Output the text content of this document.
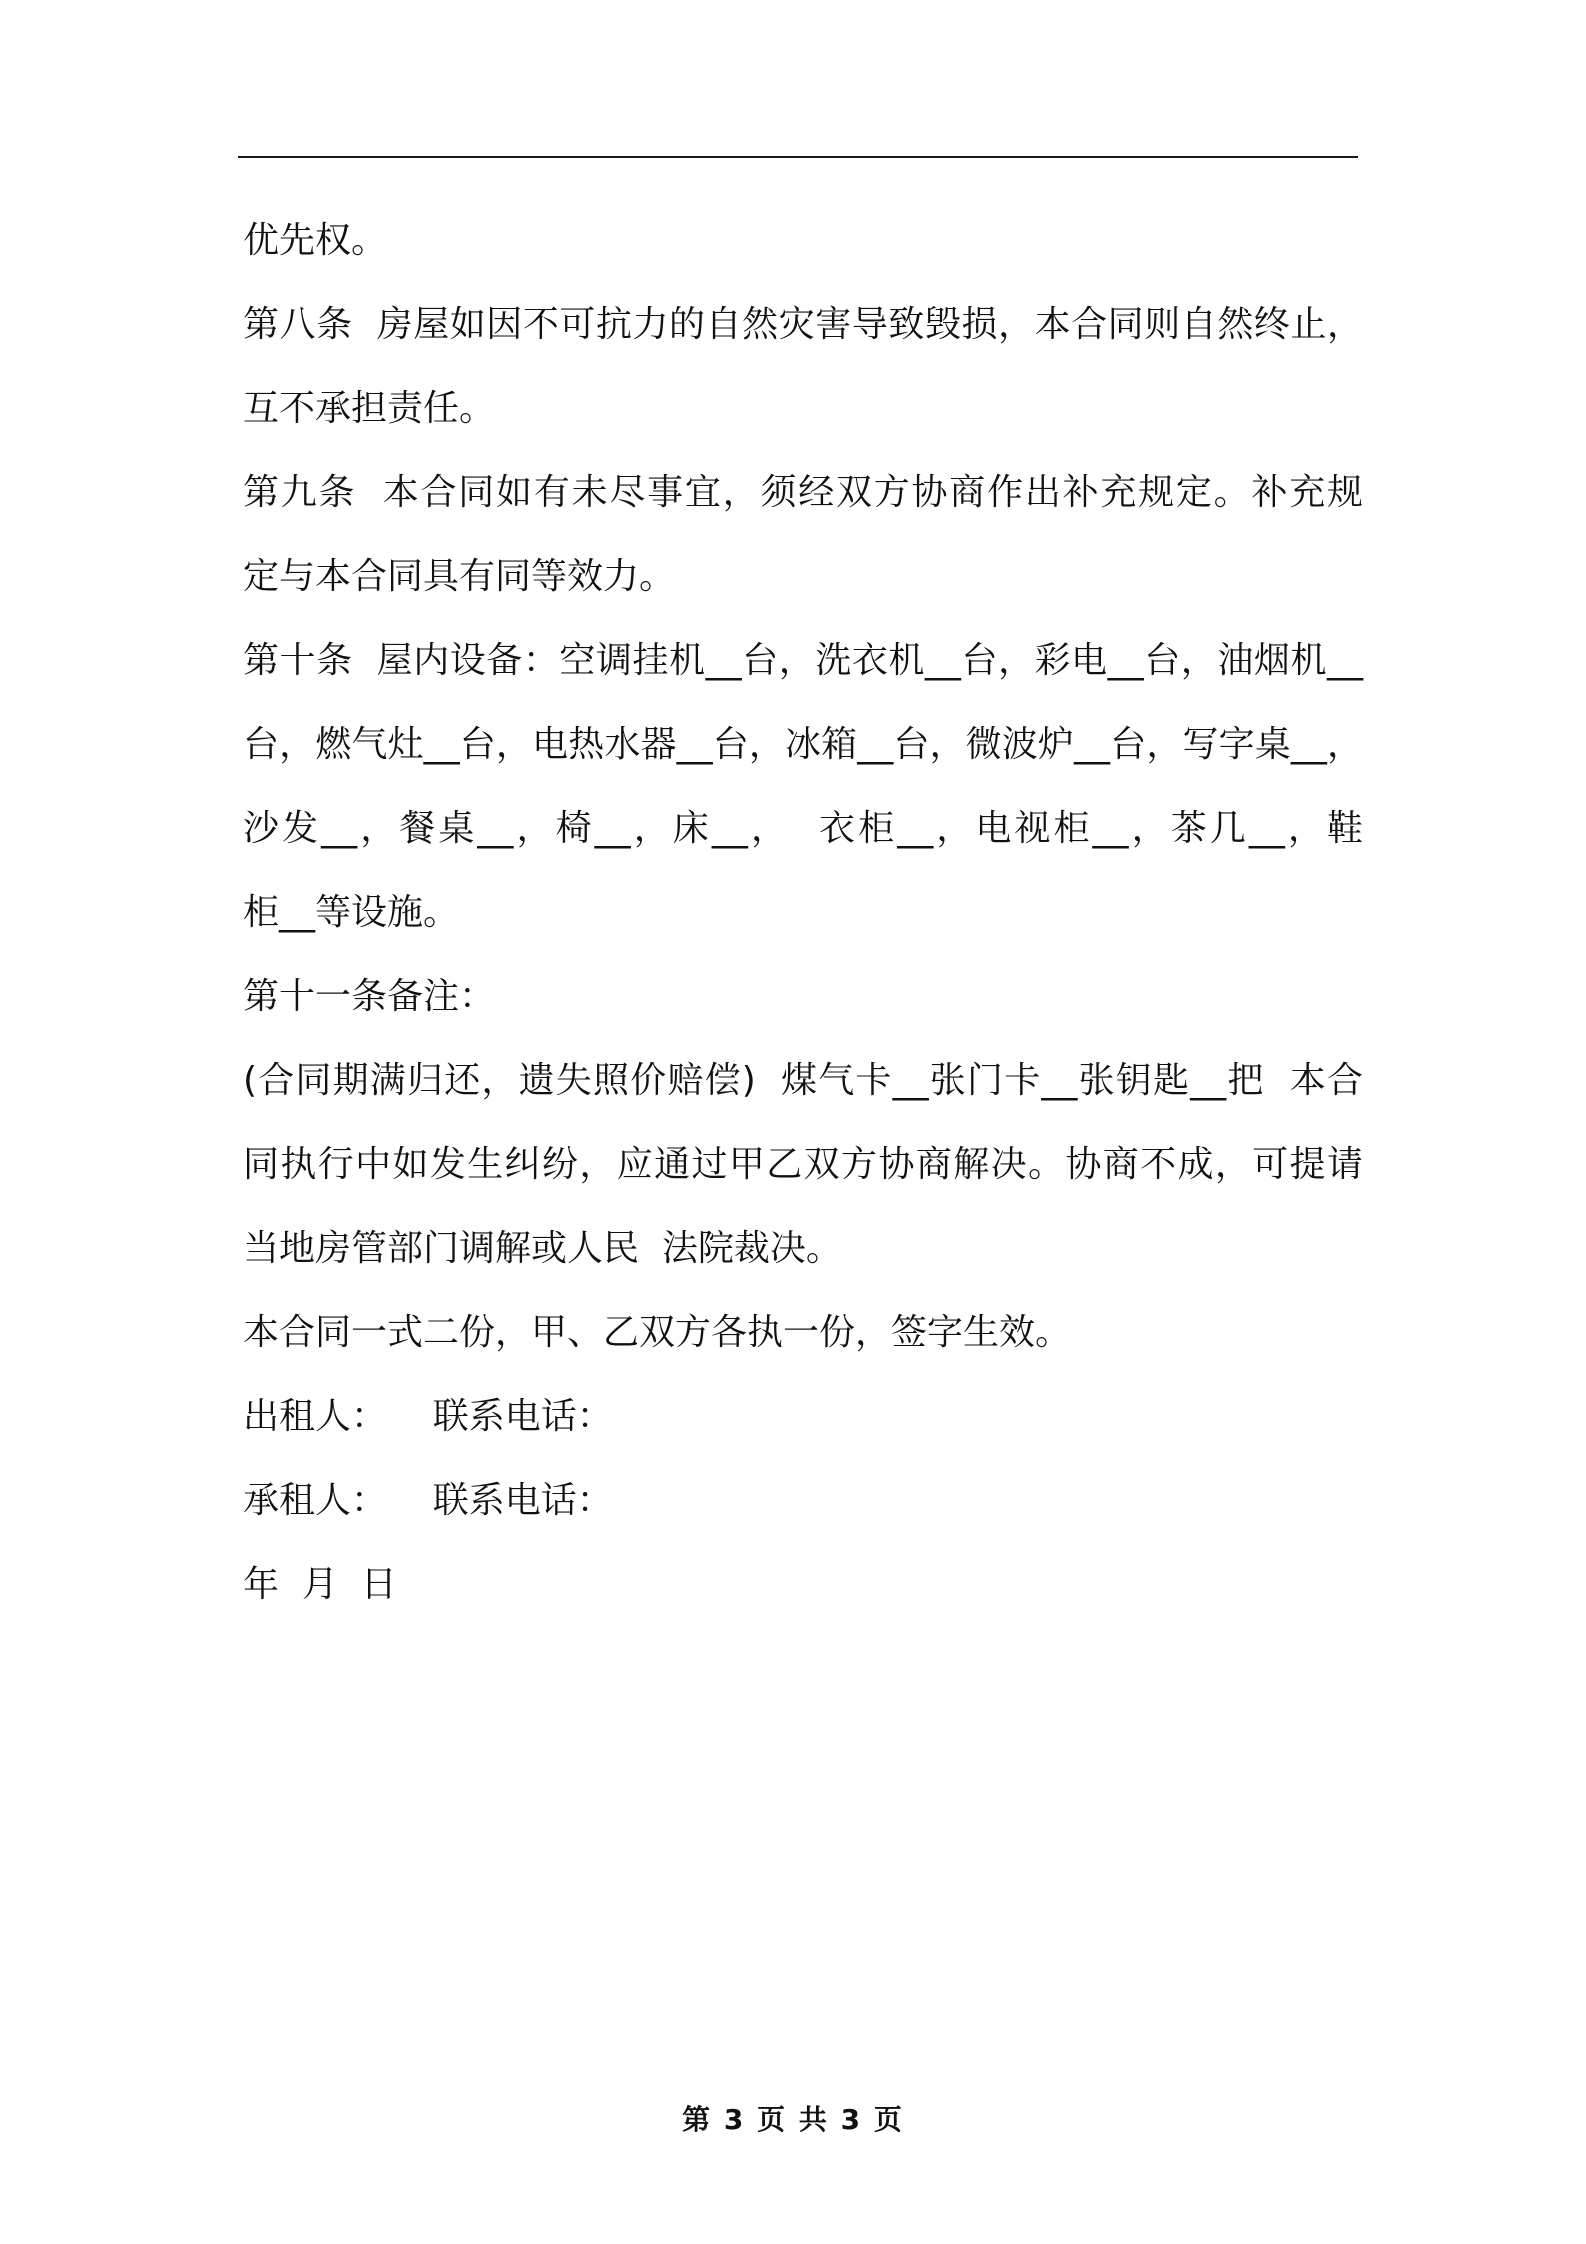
优先权。
第八条  房屋如因不可抗力的自然灾害导致毁损，本合同则自然终止，
互不承担责任。
第九条  本合同如有未尽事宜，须经双方协商作出补充规定。补充规
定与本合同具有同等效力。
第十条  屋内设备：空调挂机__台，洗衣机__台，彩电__台，油烟机__
台，燃气灶__台，电热水器__台，冰箱__台，微波炉__台，写字桌__，
沙发__，餐桌__，椅__，床__，  衣柜__，电视柜__，茶几__，鞋
柜__等设施。
第十一条备注：
(合同期满归还，遗失照价赔偿)  煤气卡__张门卡__张钥匙__把  本合
同执行中如发生纠纷，应通过甲乙双方协商解决。协商不成，可提请
当地房管部门调解或人民  法院裁决。
本合同一式二份，甲、乙双方各执一份，签字生效。
出租人：    联系电话：
承租人：    联系电话：
年  月  日
第 3 页 共 3 页
